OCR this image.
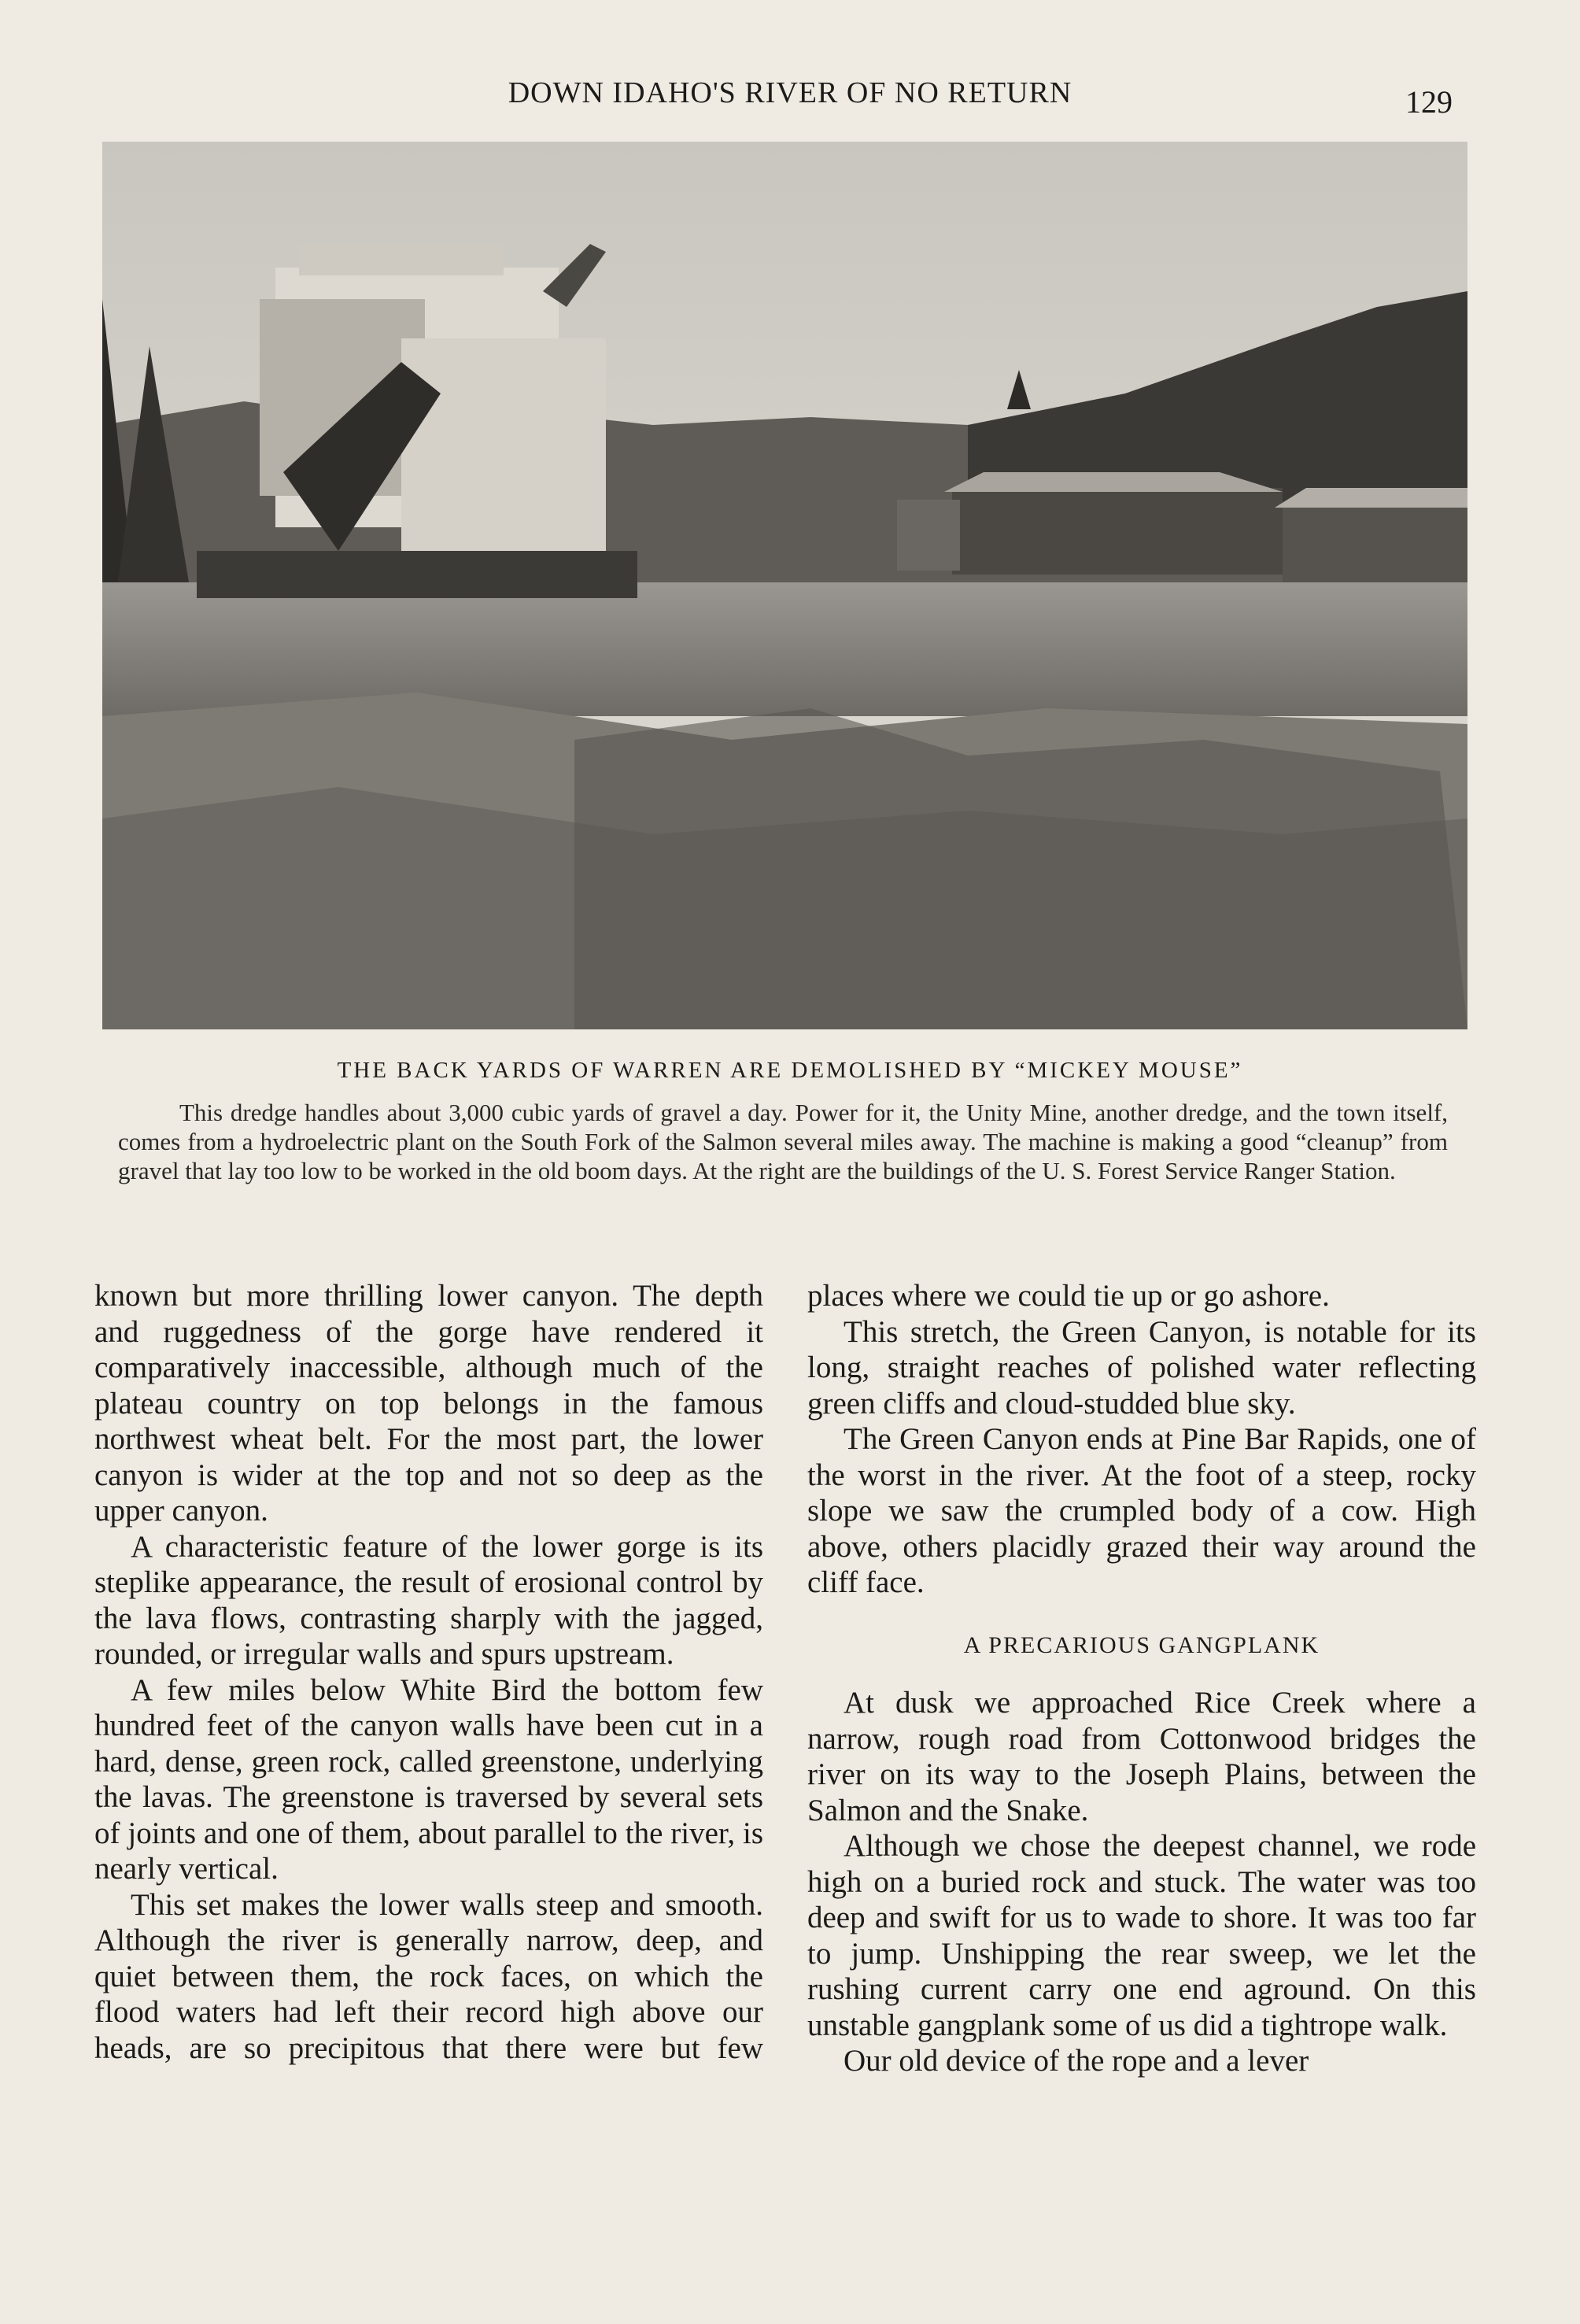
DOWN IDAHO'S RIVER OF NO RETURN	129
THE BACK YARDS OF WARREN ARE DEMOLISHED BY “MICKEY MOUSE”
This dredge handles about 3,000 cubic yards of gravel a day. Power for it, the Unity Mine, another dredge, and the town itself, comes from a hydroelectric plant on the South Fork of the Salmon several miles away. The machine is making a good “cleanup” from gravel that lay too low to be worked in the old boom days. At the right are the buildings of the U. S. Forest Service Ranger Station.

known but more thrilling lower canyon. The depth and ruggedness of the gorge have rendered it comparatively inaccessible, although much of the plateau country on top belongs in the famous northwest wheat belt. For the most part, the lower canyon is wider at the top and not so deep as the upper canyon.

A characteristic feature of the lower gorge is its steplike appearance, the result of erosional control by the lava flows, contrasting sharply with the jagged, rounded, or irregular walls and spurs upstream.

A few miles below White Bird the bottom few hundred feet of the canyon walls have been cut in a hard, dense, green rock, called greenstone, underlying the lavas. The greenstone is traversed by several sets of joints and one of them, about parallel to the river, is nearly vertical.

This set makes the lower walls steep and smooth. Although the river is generally narrow, deep, and quiet between them, the rock faces, on which the flood waters had left their record high above our heads, are so precipitous that there were but few

places where we could tie up or go ashore.

This stretch, the Green Canyon, is notable for its long, straight reaches of polished water reflecting green cliffs and cloud-studded blue sky.

The Green Canyon ends at Pine Bar Rapids, one of the worst in the river. At the foot of a steep, rocky slope we saw the crumpled body of a cow. High above, others placidly grazed their way around the cliff face.

A PRECARIOUS GANGPLANK

At dusk we approached Rice Creek where a narrow, rough road from Cottonwood bridges the river on its way to the Joseph Plains, between the Salmon and the Snake.

Although we chose the deepest channel, we rode high on a buried rock and stuck. The water was too deep and swift for us to wade to shore. It was too far to jump. Unshipping the rear sweep, we let the rushing current carry one end aground. On this unstable gangplank some of us did a tightrope walk.

Our old device of the rope and a lever
